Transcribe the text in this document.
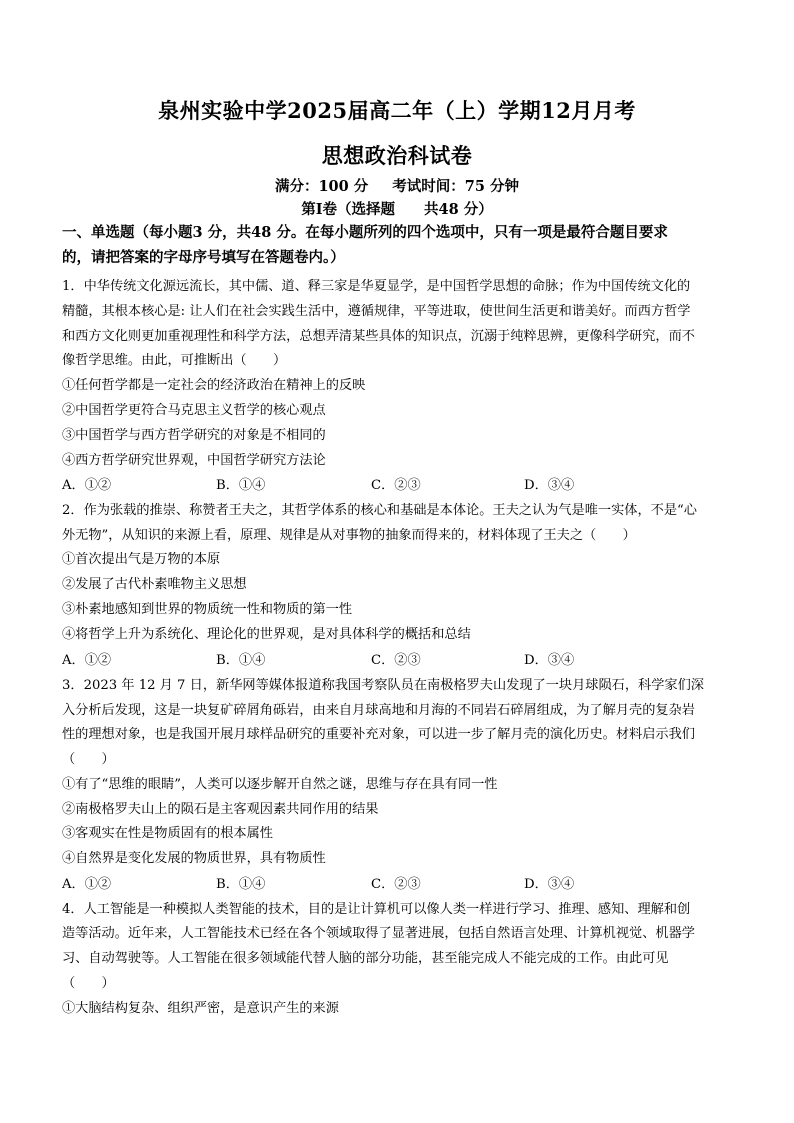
泉州实验中学2025届高二年（上）学期12月月考
思想政治科试卷
满分：100 分 考试时间：75 分钟
第Ⅰ卷（选择题　　共48 分）
一、单选题（每小题3 分，共48 分。在每小题所列的四个选项中，只有一项是最符合题目要求
的，请把答案的字母序号填写在答题卷内。）
1．中华传统文化源远流长，其中儒、道、释三家是华夏显学，是中国哲学思想的命脉；作为中国传统文化的
精髓，其根本核心是: 让人们在社会实践生活中，遵循规律，平等进取，使世间生活更和谐美好。而西方哲学
和西方文化则更加重视理性和科学方法，总想弄清某些具体的知识点，沉溺于纯粹思辨，更像科学研究，而不
像哲学思维。由此，可推断出（　　）
①任何哲学都是一定社会的经济政治在精神上的反映
②中国哲学更符合马克思主义哲学的核心观点
③中国哲学与西方哲学研究的对象是不相同的
④西方哲学研究世界观，中国哲学研究方法论
A．①②	B．①④	C．②③	D．③④
2．作为张载的推崇、称赞者王夫之，其哲学体系的核心和基础是本体论。王夫之认为气是唯一实体，不是“心
外无物”，从知识的来源上看，原理、规律是从对事物的抽象而得来的，材料体现了王夫之（　　）
①首次提出气是万物的本原
②发展了古代朴素唯物主义思想
③朴素地感知到世界的物质统一性和物质的第一性
④将哲学上升为系统化、理论化的世界观，是对具体科学的概括和总结
A．①②	B．①④	C．②③	D．③④
3．2023 年 12 月 7 日，新华网等媒体报道称我国考察队员在南极格罗夫山发现了一块月球陨石，科学家们深
入分析后发现，这是一块复矿碎屑角砾岩，由来自月球高地和月海的不同岩石碎屑组成，为了解月壳的复杂岩
性的理想对象，也是我国开展月球样品研究的重要补充对象，可以进一步了解月壳的演化历史。材料启示我们
（　　）
①有了“思维的眼睛”，人类可以逐步解开自然之谜，思维与存在具有同一性
②南极格罗夫山上的陨石是主客观因素共同作用的结果
③客观实在性是物质固有的根本属性
④自然界是变化发展的物质世界，具有物质性
A．①②	B．①④	C．②③	D．③④
4．人工智能是一种模拟人类智能的技术，目的是让计算机可以像人类一样进行学习、推理、感知、理解和创
造等活动。近年来，人工智能技术已经在各个领域取得了显著进展，包括自然语言处理、计算机视觉、机器学
习、自动驾驶等。人工智能在很多领域能代替人脑的部分功能，甚至能完成人不能完成的工作。由此可见
（　　）
①大脑结构复杂、组织严密，是意识产生的来源
